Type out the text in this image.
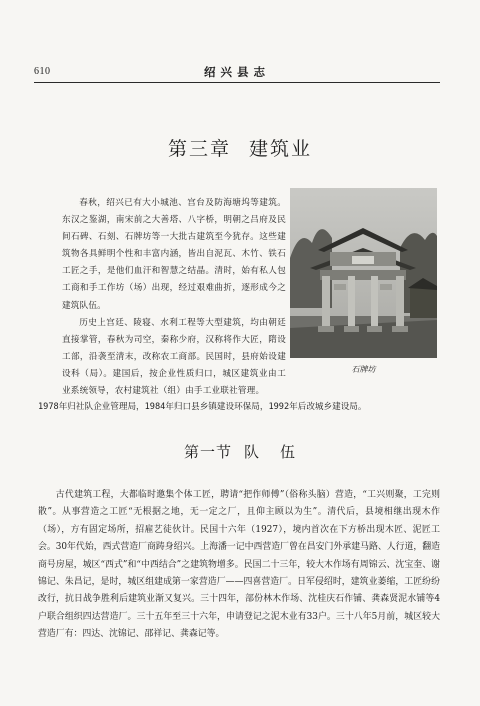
610	绍兴县志
第三章 建筑业

春秋，绍兴已有大小城池、宫台及防海塘坞等建筑。东汉之鉴湖，南宋前之大善塔、八字桥，明朝之吕府及民间石碑、石刻、石牌坊等一大批古建筑至今犹存。这些建筑物各具鲜明个性和丰富内涵，皆出自泥瓦、木竹、铁石工匠之手，是他们血汗和智慧之结晶。清时，始有私人包工商和手工作坊（场）出现，经过艰难曲折，逐形成今之建筑队伍。

历史上宫廷、陵寝、水利工程等大型建筑，均由朝廷直接掌管，春秋为司空，秦称少府，汉称将作大匠，隋设工部，沿袭至清末，改称农工商部。民国时，县府始设建设科（局）。建国后，按企业性质归口，城区建筑业由工业系统领导，农村建筑社（组）由手工业联社管理。

石牌坊
1978年归社队企业管理局，1984年归口县乡镇建设环保局，1992年后改城乡建设局。
第一节 队 伍

古代建筑工程，大都临时邀集个体工匠，聘请“把作师傅”（俗称头脑）营造，“工兴则聚，工完则散”。从事营造之工匠“无根据之地，无一定之厂，且仰主顾以为生”。清代后，县境相继出现木作（场），方有固定场所，招雇艺徒伙计。民国十六年（1927），境内首次在下方桥出现木匠、泥匠工会。30年代始，西式营造厂商踌身绍兴。上海潘一记中西营造厂曾在昌安门外承建马路、人行道，翻造商号房屋，城区“西式”和“中西结合”之建筑物增多。民国二十三年，较大木作场有周锦云、沈宝奎、谢锦记、朱昌记，是时，城区组建成第一家营造厂——四喜营造厂。日军侵绍时，建筑业萎缩，工匠纷纷改行，抗日战争胜利后建筑业渐又复兴。三十四年，部份林木作场、沈桂庆石作铺、龚森贤泥水铺等4户联合组织四达营造厂。三十五年至三十六年，申请登记之泥木业有33户。三十八年5月前，城区较大营造厂有：四达、沈锦记、邵祥记、龚森记等。
